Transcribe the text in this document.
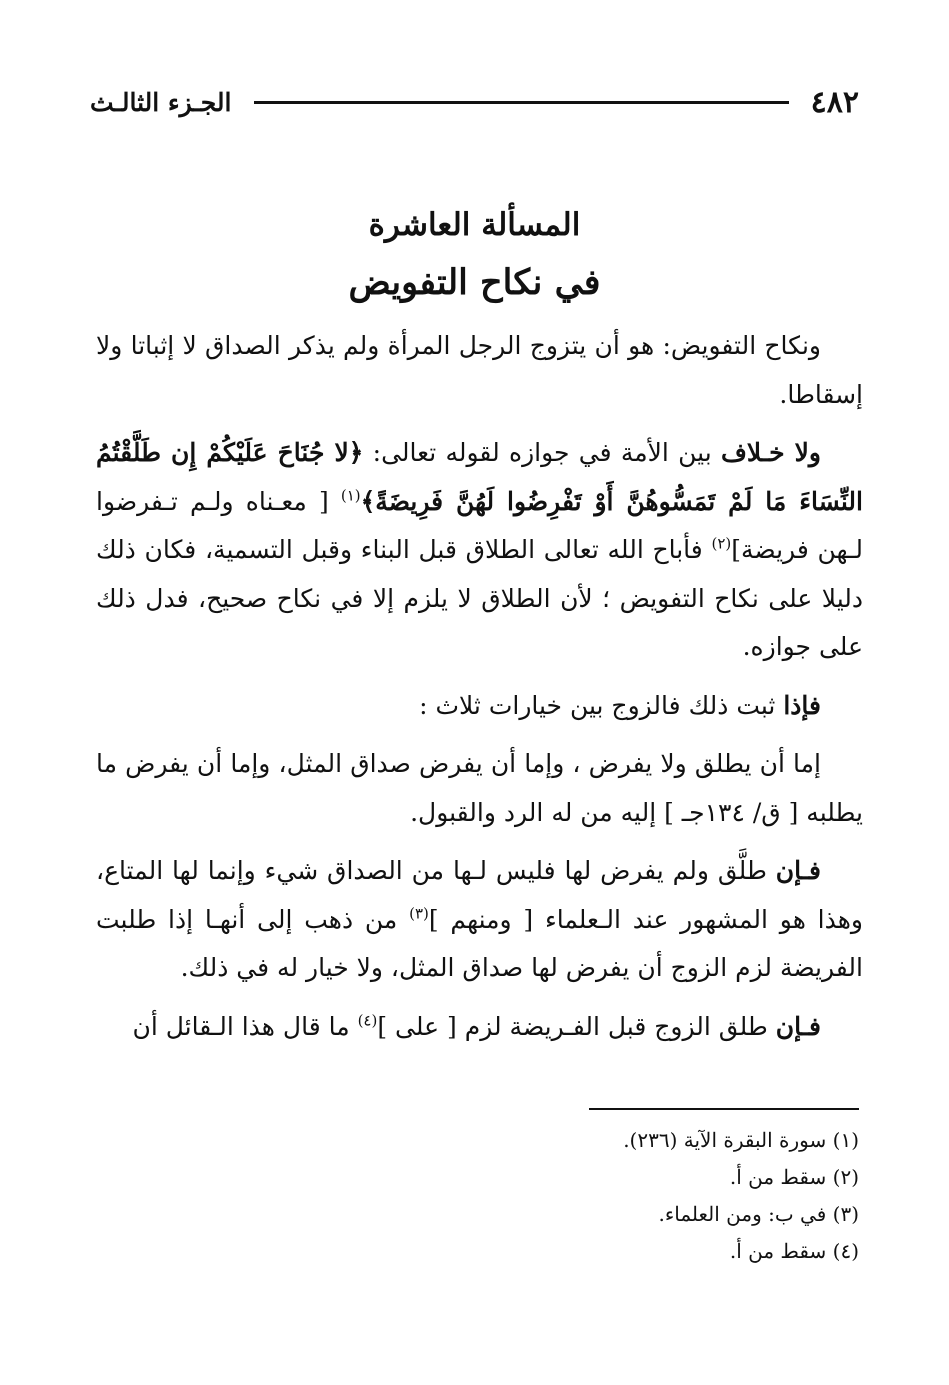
٤٨٢
الجـزء الثالـث
المسألة العاشرة
في نكاح التفويض

ونكاح التفويض: هو أن يتزوج الرجل المرأة ولم يذكر الصداق لا إثباتا ولا إسقاطا.

ولا خـلاف بين الأمة في جوازه لقوله تعالى: ﴿لا جُنَاحَ عَلَيْكُمْ إِن طَلَّقْتُمُ النِّسَاءَ مَا لَمْ تَمَسُّوهُنَّ أَوْ تَفْرِضُوا لَهُنَّ فَرِيضَةً﴾$^{(١)}$ [ معـناه ولـم تـفرضوا لـهن فريضة]$^{(٢)}$ فأباح الله تعالى الطلاق قبل البناء وقبل التسمية، فكان ذلك دليلا على نكاح التفويض ؛ لأن الطلاق لا يلزم إلا في نكاح صحيح، فدل ذلك على جوازه.

فإذا ثبت ذلك فالزوج بين خيارات ثلاث :

إما أن يطلق ولا يفرض ، وإما أن يفرض صداق المثل، وإما أن يفرض ما يطلبه [ ق/ ١٣٤جـ ] إليه من له الرد والقبول.

فـإن طلَّق ولم يفرض لها فليس لـها من الصداق شيء وإنما لها المتاع، وهذا هو المشهور عند الـعلماء [ ومنهم ]$^{(٣)}$ من ذهب إلى أنهـا إذا طلبت الفريضة لزم الزوج أن يفرض لها صداق المثل، ولا خيار له في ذلك.

فـإن طلق الزوج قبل الفـريضة لزم [ على ]$^{(٤)}$ ما قال هذا الـقائل أن

(١) سورة البقرة الآية (٢٣٦).

(٢) سقط من أ.

(٣) في ب: ومن العلماء.

(٤) سقط من أ.
